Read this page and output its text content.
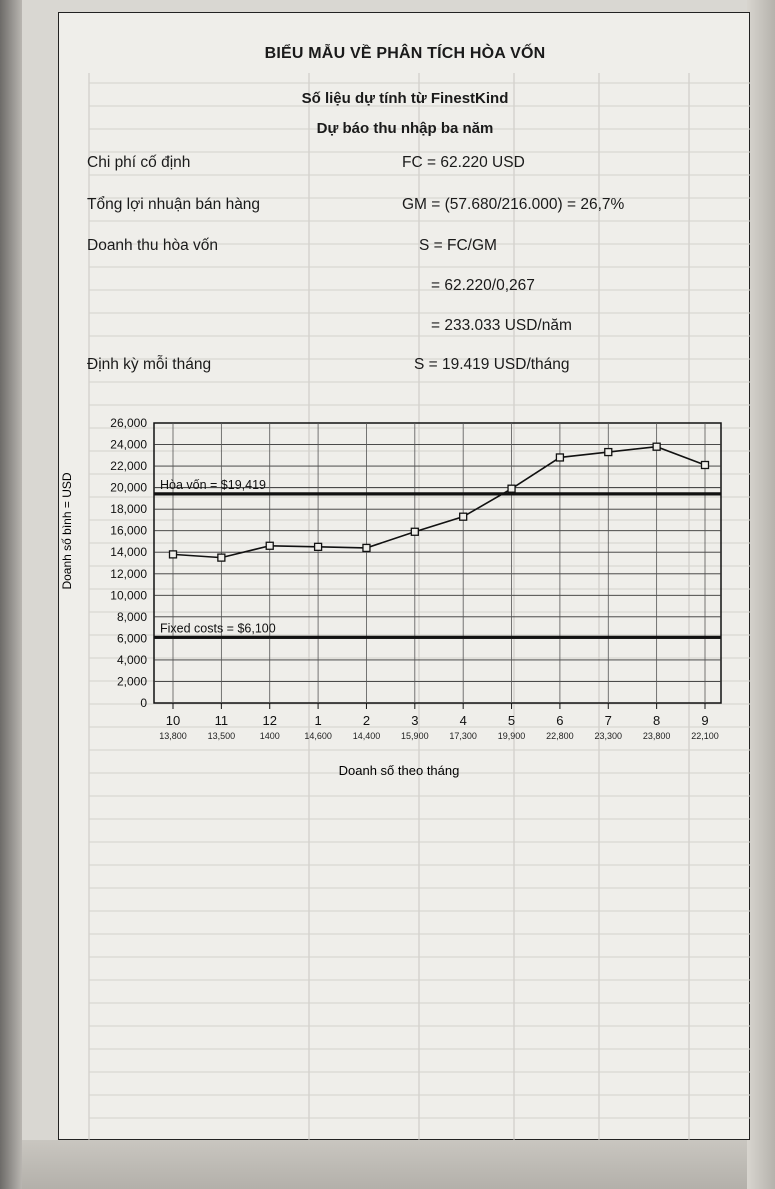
BIỂU MẪU VỀ PHÂN TÍCH HÒA VỐN
Số liệu dự tính từ FinestKind
Dự báo thu nhập ba năm
Chi phí cố định	FC = 62.220 USD
Tổng lợi nhuận bán hàng	GM = (57.680/216.000) = 26,7%
Doanh thu hòa vốn	S = FC/GM
= 62.220/0,267
= 233.033 USD/năm
Định kỳ mỗi tháng	S = 19.419 USD/tháng
Hòa vốn = $19,419
Fixed costs = $6,100
0
2,000
4,000
6,000
8,000
10,000
12,000
14,000
16,000
18,000
20,000
22,000
24,000
26,000
10
13,800
11
13,500
12
1400
1
14,600
2
14,400
3
15,900
4
17,300
5
19,900
6
22,800
7
23,300
8
23,800
9
22,100
Doanh số theo tháng
Doanh số bình = USD
